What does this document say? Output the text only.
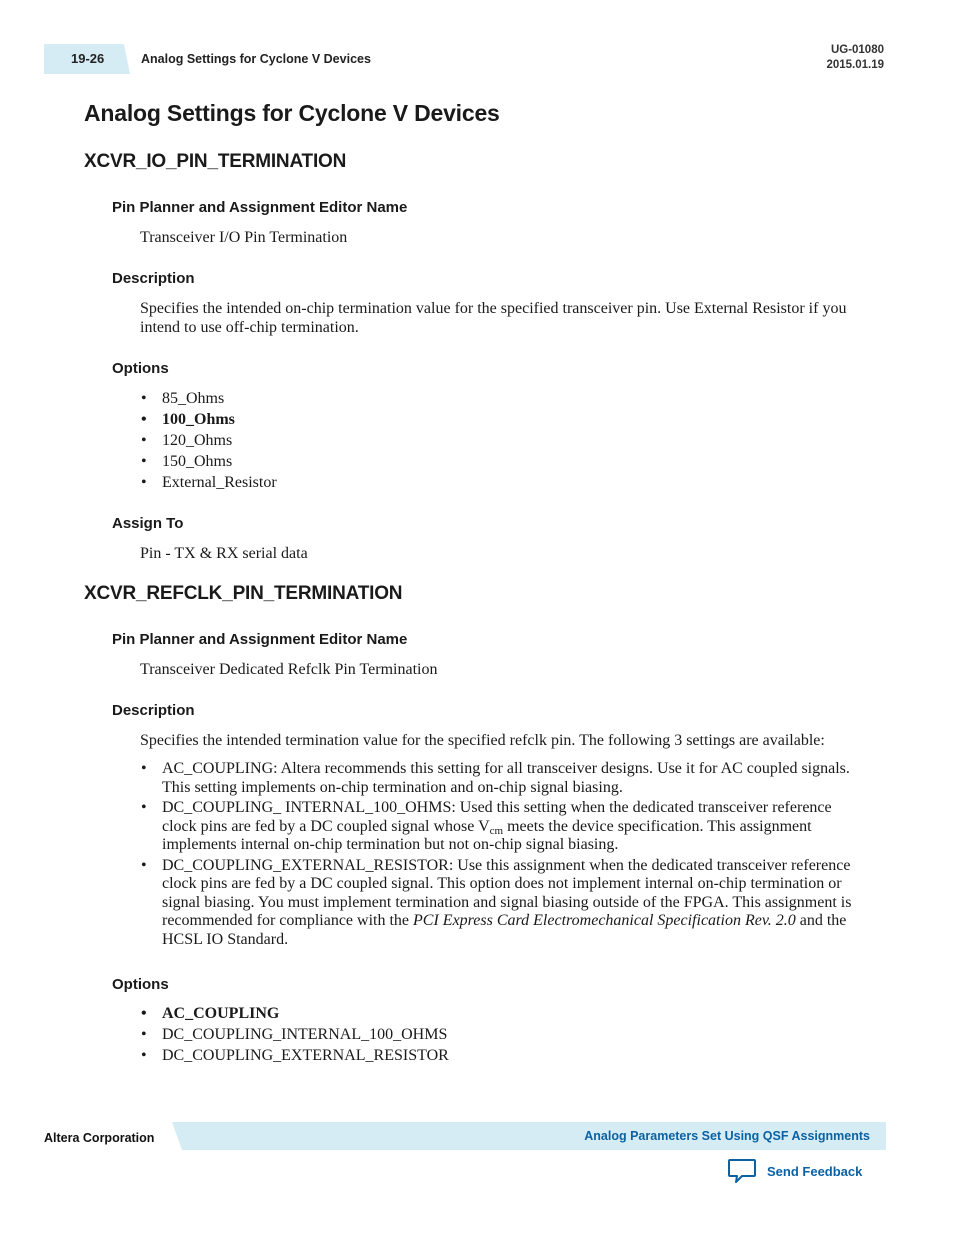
19-26	Analog Settings for Cyclone V Devices
UG-01080
2015.01.19
Analog Settings for Cyclone V Devices
XCVR_IO_PIN_TERMINATION
Pin Planner and Assignment Editor Name

Transceiver I/O Pin Termination

Description

Specifies the intended on-chip termination value for the specified transceiver pin. Use External Resistor if you intend to use off-chip termination.

Options
• 85_Ohms
• 100_Ohms
• 120_Ohms
• 150_Ohms
• External_Resistor
Assign To

Pin - TX & RX serial data

XCVR_REFCLK_PIN_TERMINATION
Pin Planner and Assignment Editor Name

Transceiver Dedicated Refclk Pin Termination

Description

Specifies the intended termination value for the specified refclk pin. The following 3 settings are available:

• AC_COUPLING: Altera recommends this setting for all transceiver designs. Use it for AC coupled signals. This setting implements on-chip termination and on-chip signal biasing.
• DC_COUPLING_ INTERNAL_100_OHMS: Used this setting when the dedicated transceiver reference clock pins are fed by a DC coupled signal whose $V_{cm}$ meets the device specification. This assignment implements internal on-chip termination but not on-chip signal biasing.
• DC_COUPLING_EXTERNAL_RESISTOR: Use this assignment when the dedicated transceiver reference clock pins are fed by a DC coupled signal. This option does not implement internal on-chip termination or signal biasing. You must implement termination and signal biasing outside of the FPGA. This assignment is recommended for compliance with the PCI Express Card Electromechanical Specification Rev. 2.0 and the HCSL IO Standard.
Options
• AC_COUPLING
• DC_COUPLING_INTERNAL_100_OHMS
• DC_COUPLING_EXTERNAL_RESISTOR
Altera Corporation	Analog Parameters Set Using QSF Assignments
Send Feedback
